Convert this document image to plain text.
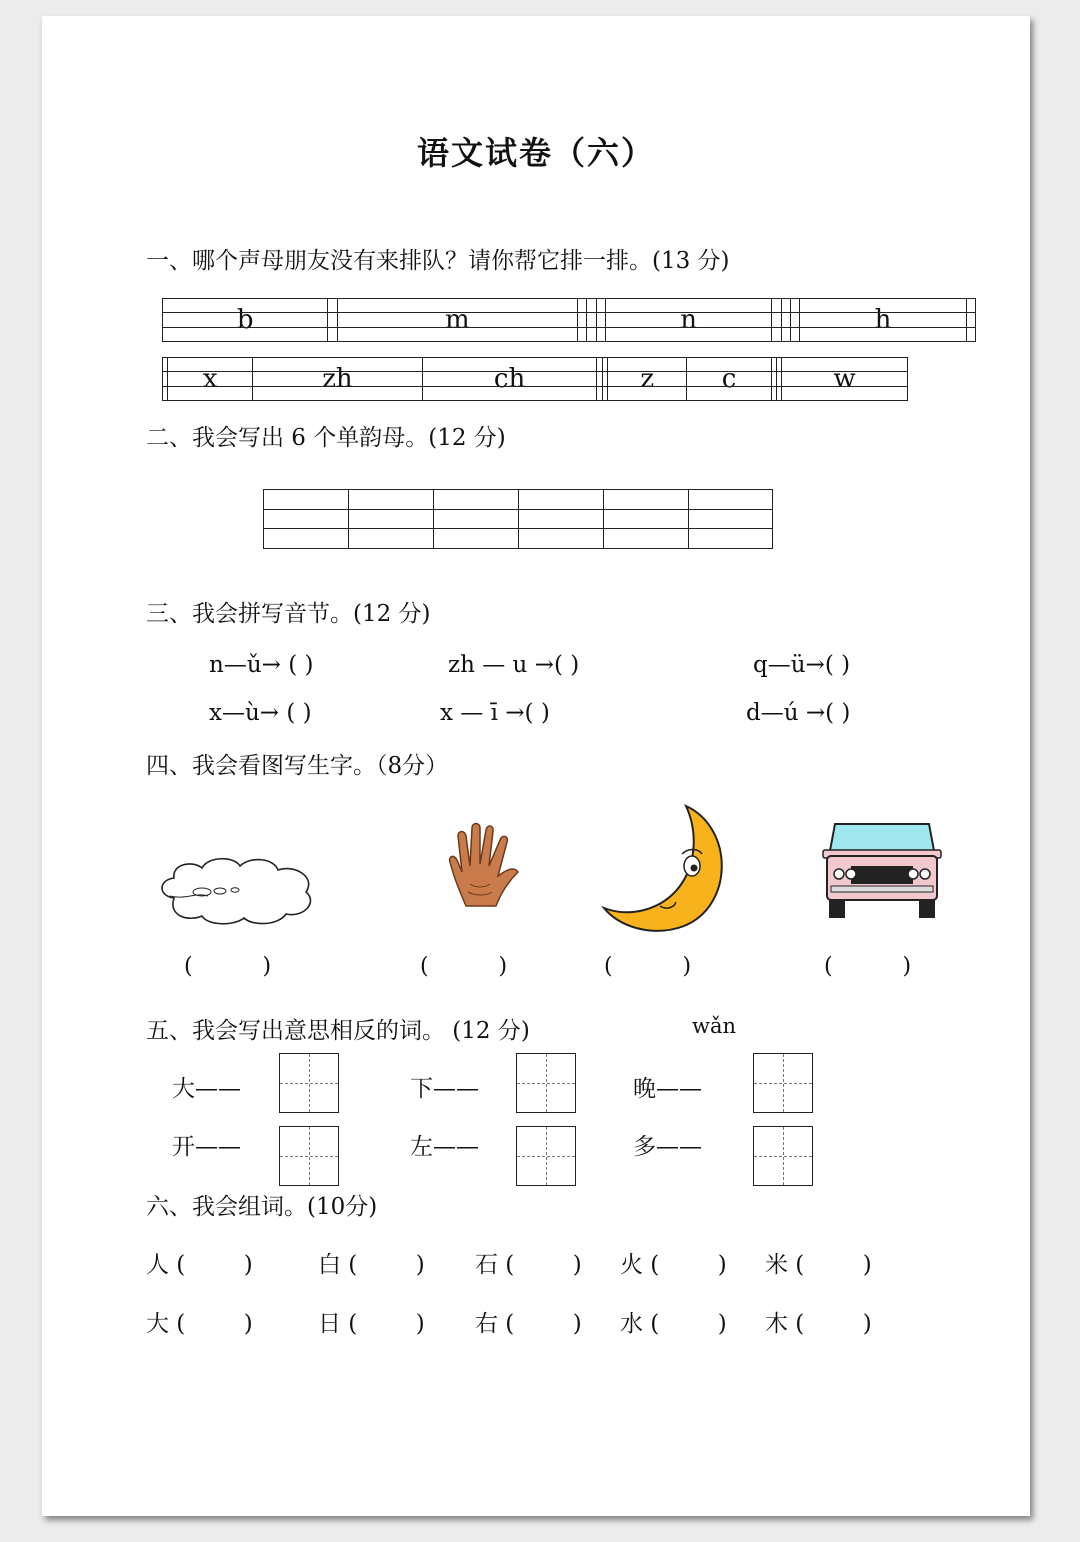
语文试卷（六）
一、哪个声母朋友没有来排队？请你帮它排一排。(13 分)
b		m				n				h	
	x	zh	ch			z	c			w
二、我会写出 6 个单韵母。(12 分)
三、我会拼写音节。(12 分)
n—ǔ→ ( )	zh — u →( )	q—ü→( )
x—ù→ ( )	x — ī →( )	d—ú →( )
四、我会看图写生字。（8分）
(          )	(          )	(          )	(          )
五、我会写出意思相反的词。 (12 分)	wǎn
大——	下——	晚——
开——	左——	多——
六、我会组词。(10分)
人 (        )	白 (        ) 石 (        ) 火 (        ) 米 (        )
大 (        )	日 (        ) 右 (        ) 水 (        ) 木 (        )
